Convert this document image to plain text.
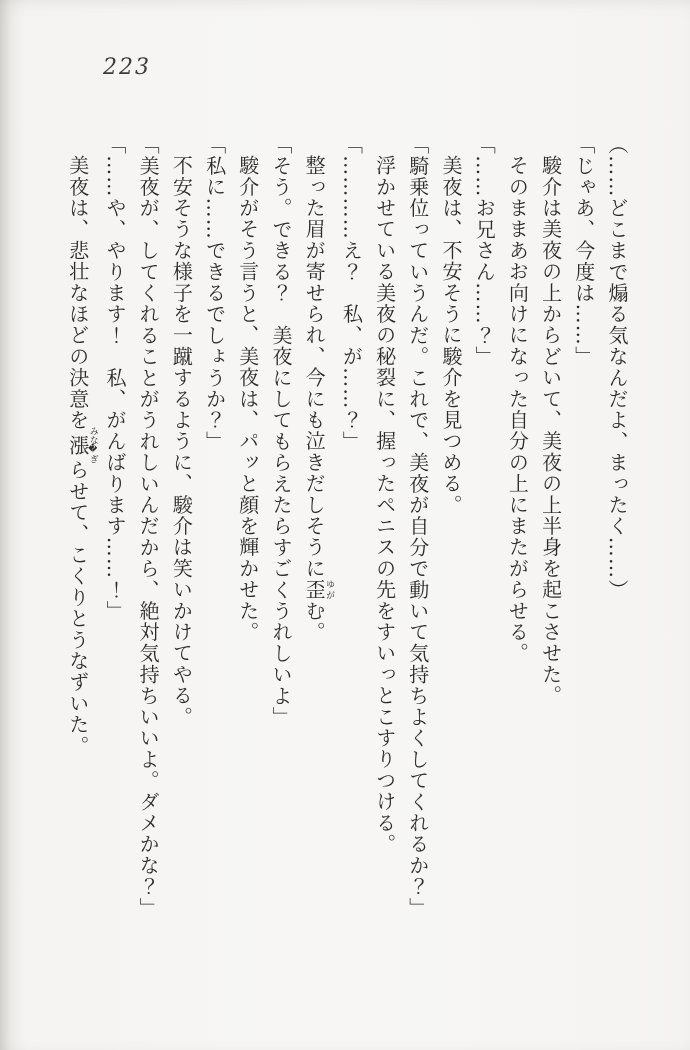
223

（……どこまで煽る気なんだよ、まったく……）

「じゃあ、今度は……」

駿介は美夜の上からどいて、美夜の上半身を起こさせた。

そのままあお向けになった自分の上にまたがらせる。

「……お兄さん……？」

美夜は、不安そうに駿介を見つめる。

「騎乗位っていうんだ。これで、美夜が自分で動いて気持ちよくしてくれるか？」

浮かせている美夜の秘裂に、握ったペニスの先をすいっとこすりつける。

「…………え？　私、が……？」

整った眉が寄せられ、今にも泣きだしそうに歪ゆがむ。

「そう。できる？　美夜にしてもらえたらすごくうれしいよ」

駿介がそう言うと、美夜は、パッと顔を輝かせた。

「私に……できるでしょうか？」

不安そうな様子を一蹴するように、駿介は笑いかけてやる。

「美夜が、してくれることがうれしいんだから、絶対気持ちいいよ。ダメかな？」

「……や、やります！　私、がんばります……！」

美夜は、悲壮なほどの決意を漲みな�ぎらせて、こくりとうなずいた。
